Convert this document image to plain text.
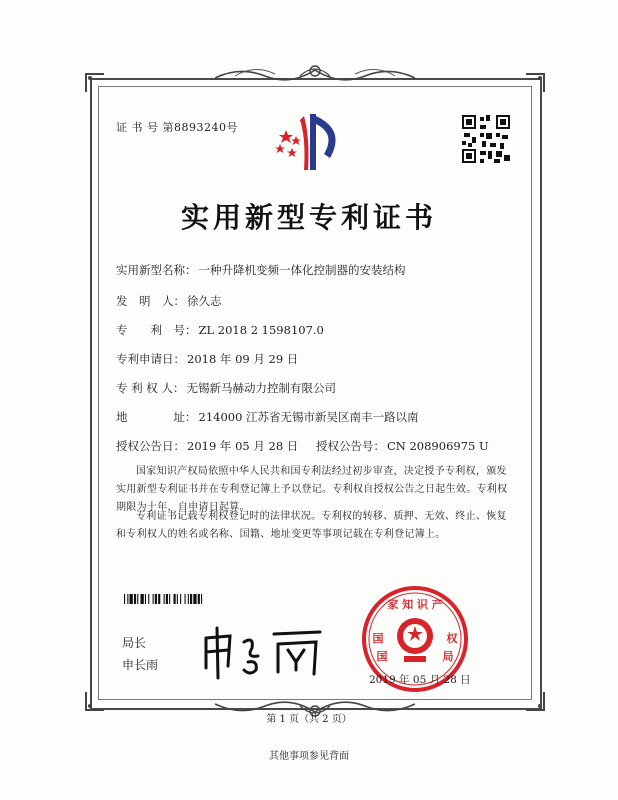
证 书 号 第8893240号
实用新型专利证书
实用新型名称： 一种升降机变频一体化控制器的安装结构
发　明　人： 徐久志
专　　利　号： ZL 2018 2 1598107.0
专利申请日： 2018 年 09 月 29 日
专 利 权 人： 无锡新马赫动力控制有限公司
地　　　　址： 214000 江苏省无锡市新吴区南丰一路以南
授权公告日： 2019 年 05 月 28 日 授权公告号： CN 208906975 U
国家知识产权局依照中华人民共和国专利法经过初步审查，决定授予专利权，颁发实用新型专利证书并在专利登记簿上予以登记。专利权自授权公告之日起生效。专利权期限为十年，自申请日起算。
专利证书记载专利权登记时的法律状况。专利权的转移、质押、无效、终止、恢复和专利权人的姓名或名称、国籍、地址变更等事项记载在专利登记簿上。
局长
申长雨
家 知 识 产
国	权
国	局
2019 年 05 月 28 日
第 1 页（共 2 页）
其他事项参见背面
